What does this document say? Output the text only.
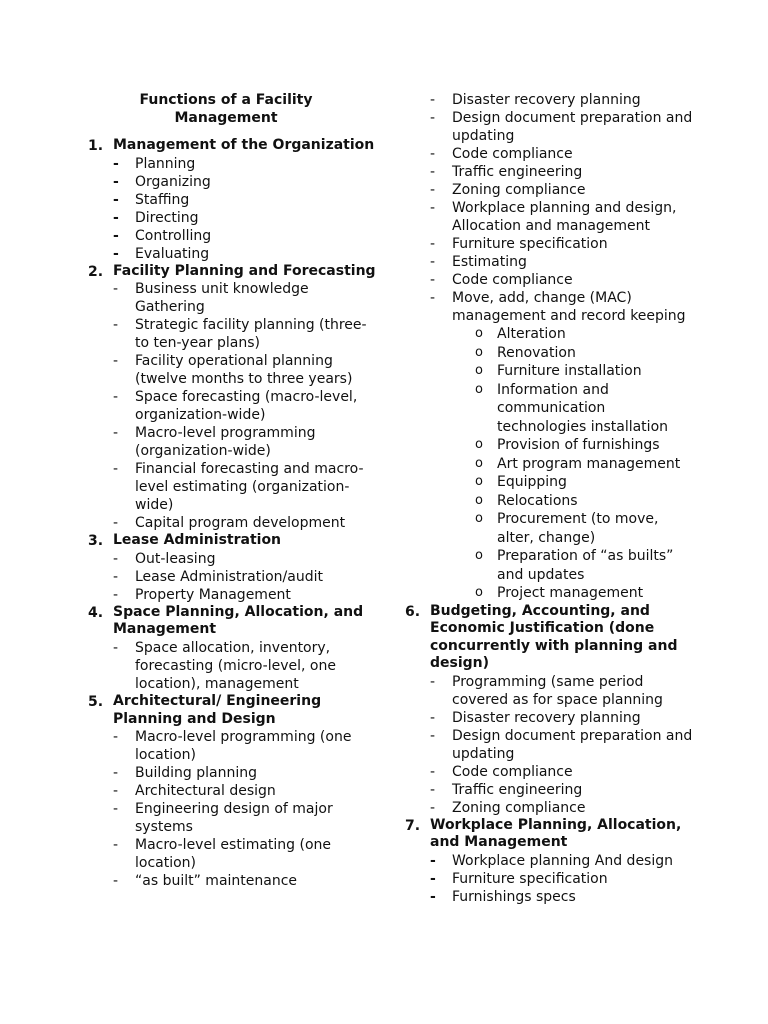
Functions of a Facility Management
1. Management of the Organization
-	Planning
-	Organizing
-	Staffing
-	Directing
-	Controlling
-	Evaluating
2. Facility Planning and Forecasting
-	Business unit knowledge Gathering
-	Strategic facility planning (three- to ten-year plans)
-	Facility operational planning (twelve months to three years)
-	Space forecasting (macro-level, organization-wide)
-	Macro-level programming (organization-wide)
-	Financial forecasting and macro-level estimating (organization-wide)
-	Capital program development
3. Lease Administration
-	Out-leasing
-	Lease Administration/audit
-	Property Management
4. Space Planning, Allocation, and Management
-	Space allocation, inventory, forecasting (micro-level, one location), management
5. Architectural/ Engineering Planning and Design
-	Macro-level programming (one location)
-	Building planning
-	Architectural design
-	Engineering design of major systems
-	Macro-level estimating (one location)
-	“as built” maintenance
-	Disaster recovery planning
-	Design document preparation and updating
-	Code compliance
-	Traffic engineering
-	Zoning compliance
-	Workplace planning and design, Allocation and management
-	Furniture specification
-	Estimating
-	Code compliance
-	Move, add, change (MAC) management and record keeping
o Alteration
o Renovation
o Furniture installation
o Information and communication technologies installation
o Provision of furnishings
o Art program management
o Equipping
o Relocations
o Procurement (to move, alter, change)
o Preparation of “as builts” and updates
o Project management
6. Budgeting, Accounting, and Economic Justification (done concurrently with planning and design)
-	Programming (same period covered as for space planning
-	Disaster recovery planning
-	Design document preparation and updating
-	Code compliance
-	Traffic engineering
-	Zoning compliance
7. Workplace Planning, Allocation, and Management
-	Workplace planning And design
-	Furniture specification
-	Furnishings specs
